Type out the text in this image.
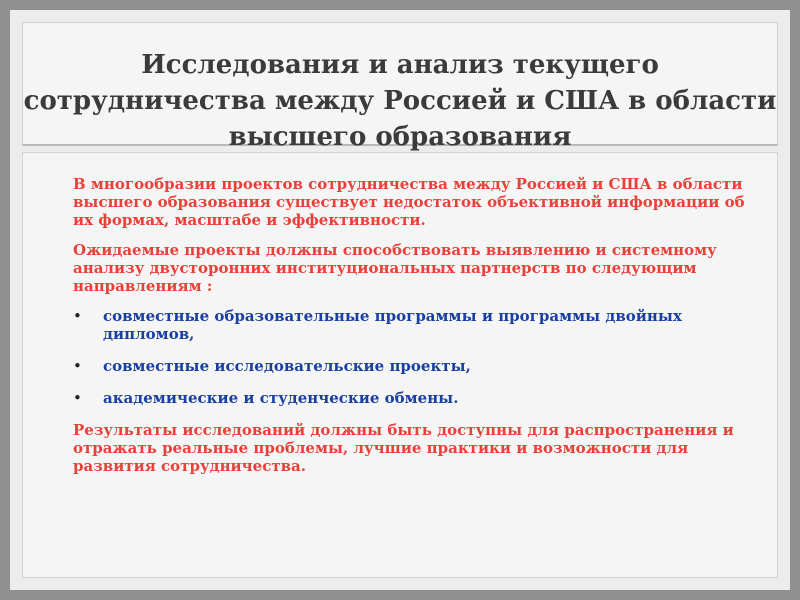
Исследования и анализ текущего
сотрудничества между Россией и США в области
высшего образования

В многообразии проектов сотрудничества между Россией и США в области высшего образования существует недостаток объективной информации об их формах, масштабе и эффективности.

Ожидаемые проекты должны способствовать выявлению и системному анализу двусторонних институциональных партнерств по следующим направлениям :

• совместные образовательные программы и программы двойных дипломов,
• совместные исследовательские проекты,
• академические и студенческие обмены.

Результаты исследований должны быть доступны для распространения и отражать реальные проблемы, лучшие практики и возможности для развития сотрудничества.
